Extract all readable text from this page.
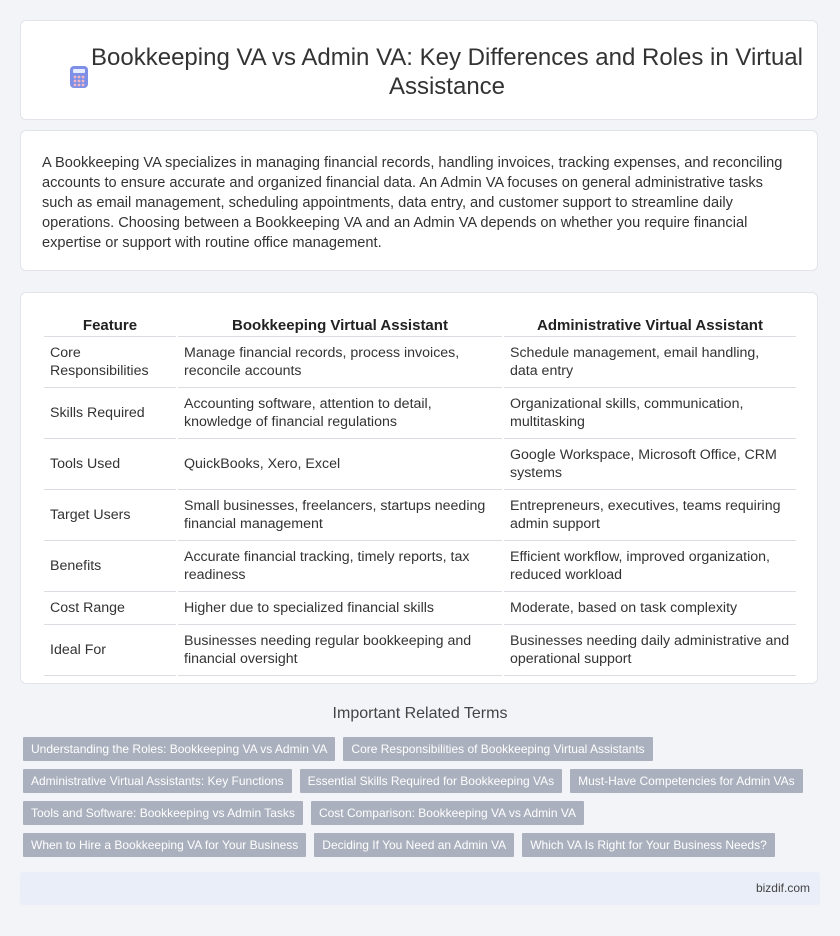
Bookkeeping VA vs Admin VA: Key Differences and Roles in Virtual Assistance
A Bookkeeping VA specializes in managing financial records, handling invoices, tracking expenses, and reconciling accounts to ensure accurate and organized financial data. An Admin VA focuses on general administrative tasks such as email management, scheduling appointments, data entry, and customer support to streamline daily operations. Choosing between a Bookkeeping VA and an Admin VA depends on whether you require financial expertise or support with routine office management.
Feature	Bookkeeping Virtual Assistant	Administrative Virtual Assistant
Core Responsibilities	Manage financial records, process invoices, reconcile accounts	Schedule management, email handling, data entry
Skills Required	Accounting software, attention to detail, knowledge of financial regulations	Organizational skills, communication, multitasking
Tools Used	QuickBooks, Xero, Excel	Google Workspace, Microsoft Office, CRM systems
Target Users	Small businesses, freelancers, startups needing financial management	Entrepreneurs, executives, teams requiring admin support
Benefits	Accurate financial tracking, timely reports, tax readiness	Efficient workflow, improved organization, reduced workload
Cost Range	Higher due to specialized financial skills	Moderate, based on task complexity
Ideal For	Businesses needing regular bookkeeping and financial oversight	Businesses needing daily administrative and operational support
Important Related Terms
Understanding the Roles: Bookkeeping VA vs Admin VA	Core Responsibilities of Bookkeeping Virtual Assistants
Administrative Virtual Assistants: Key Functions	Essential Skills Required for Bookkeeping VAs	Must-Have Competencies for Admin VAs
Tools and Software: Bookkeeping vs Admin Tasks	Cost Comparison: Bookkeeping VA vs Admin VA
When to Hire a Bookkeeping VA for Your Business	Deciding If You Need an Admin VA	Which VA Is Right for Your Business Needs?
bizdif.com
